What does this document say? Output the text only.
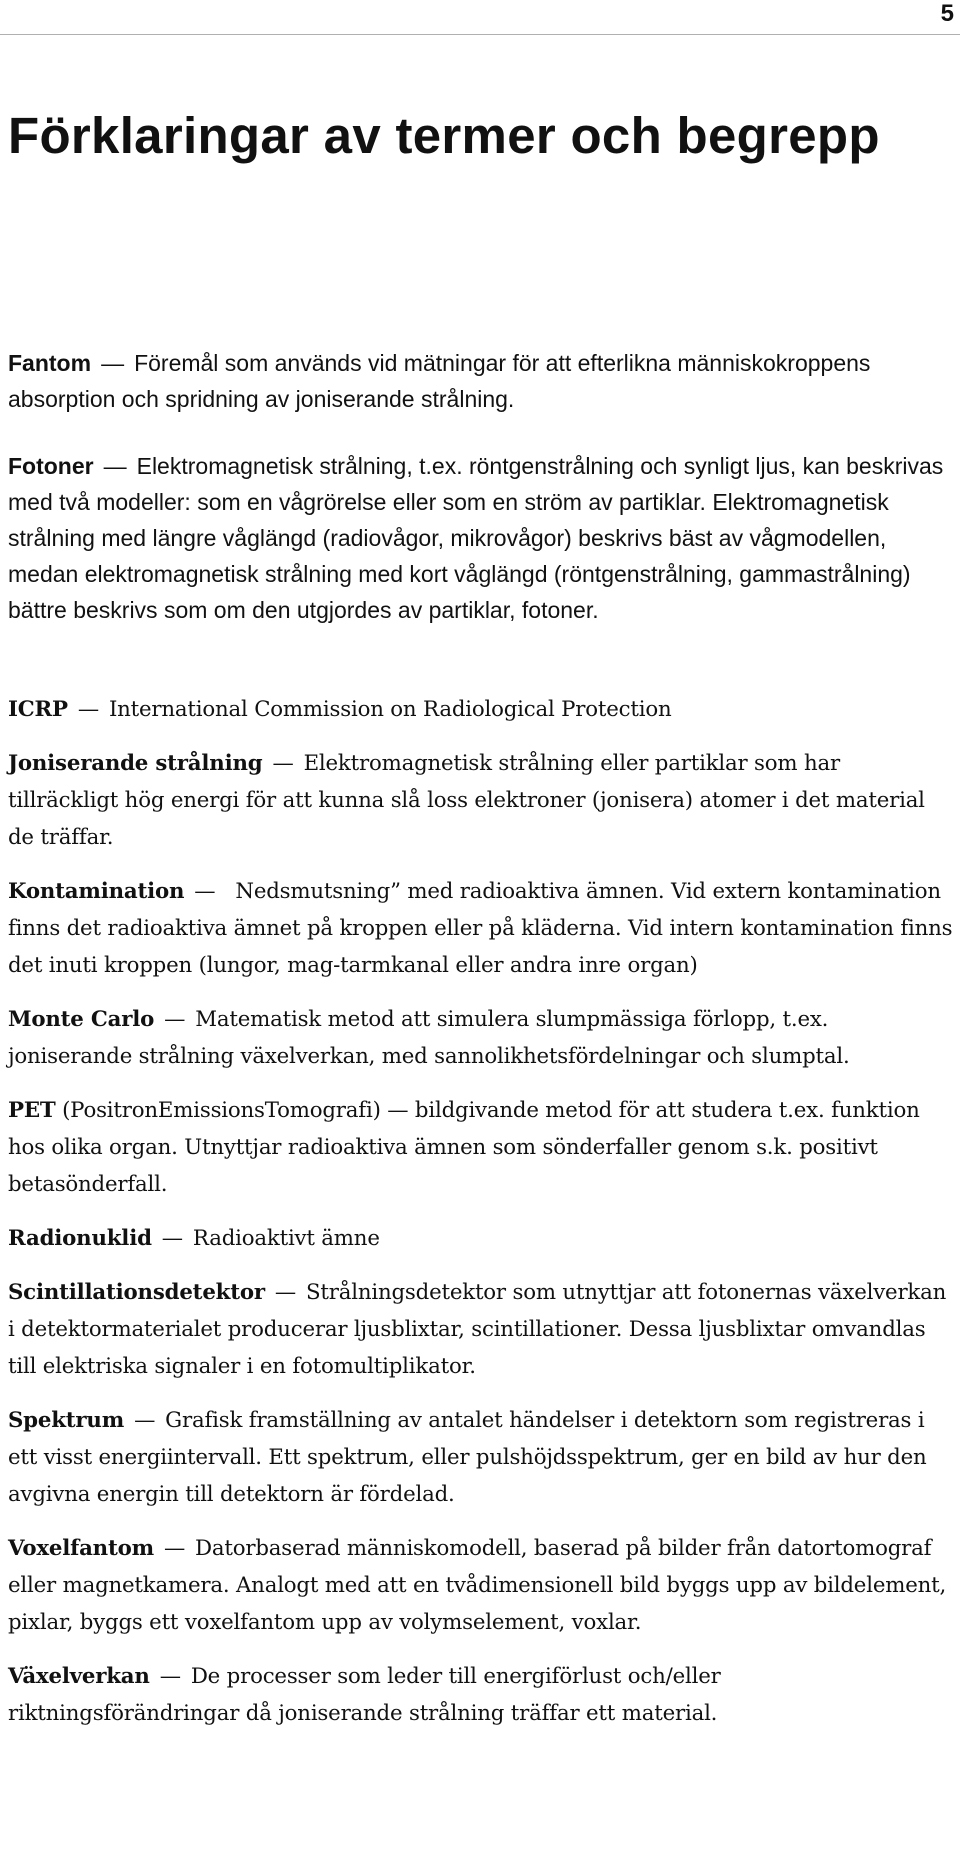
5
Förklaringar av termer och begrepp

Fantom — Föremål som används vid mätningar för att efterlikna människokroppens absorption och spridning av joniserande strålning.

Fotoner — Elektromagnetisk strålning, t.ex. röntgenstrålning och synligt ljus, kan beskrivas med två modeller: som en vågrörelse eller som en ström av partiklar. Elektromagnetisk strålning med längre våglängd (radiovågor, mikrovågor) beskrivs bäst av vågmodellen, medan elektromagnetisk strålning med kort våglängd (röntgenstrålning, gammastrålning) bättre beskrivs som om den utgjordes av partiklar, fotoner.

ICRP — International Commission on Radiological Protection

Joniserande strålning — Elektromagnetisk strålning eller partiklar som har tillräckligt hög energi för att kunna slå loss elektroner (jonisera) atomer i det material de träffar.

Kontamination — Nedsmutsning” med radioaktiva ämnen. Vid extern kontamination finns det radioaktiva ämnet på kroppen eller på kläderna. Vid intern kontamination finns det inuti kroppen (lungor, mag-tarmkanal eller andra inre organ)

Monte Carlo — Matematisk metod att simulera slumpmässiga förlopp, t.ex. joniserande strålning växelverkan, med sannolikhetsfördelningar och slumptal.

PET (PositronEmissionsTomografi) — bildgivande metod för att studera t.ex. funktion hos olika organ. Utnyttjar radioaktiva ämnen som sönderfaller genom s.k. positivt betasönderfall.

Radionuklid — Radioaktivt ämne

Scintillationsdetektor — Strålningsdetektor som utnyttjar att fotonernas växelverkan i detektormaterialet producerar ljusblixtar, scintillationer. Dessa ljusblixtar omvandlas till elektriska signaler i en fotomultiplikator.

Spektrum — Grafisk framställning av antalet händelser i detektorn som registreras i ett visst energiintervall. Ett spektrum, eller pulshöjdsspektrum, ger en bild av hur den avgivna energin till detektorn är fördelad.

Voxelfantom — Datorbaserad människomodell, baserad på bilder från datortomograf eller magnetkamera. Analogt med att en tvådimensionell bild byggs upp av bildelement, pixlar, byggs ett voxelfantom upp av volymselement, voxlar.

Växelverkan — De processer som leder till energiförlust och/eller riktningsförändringar då joniserande strålning träffar ett material.
